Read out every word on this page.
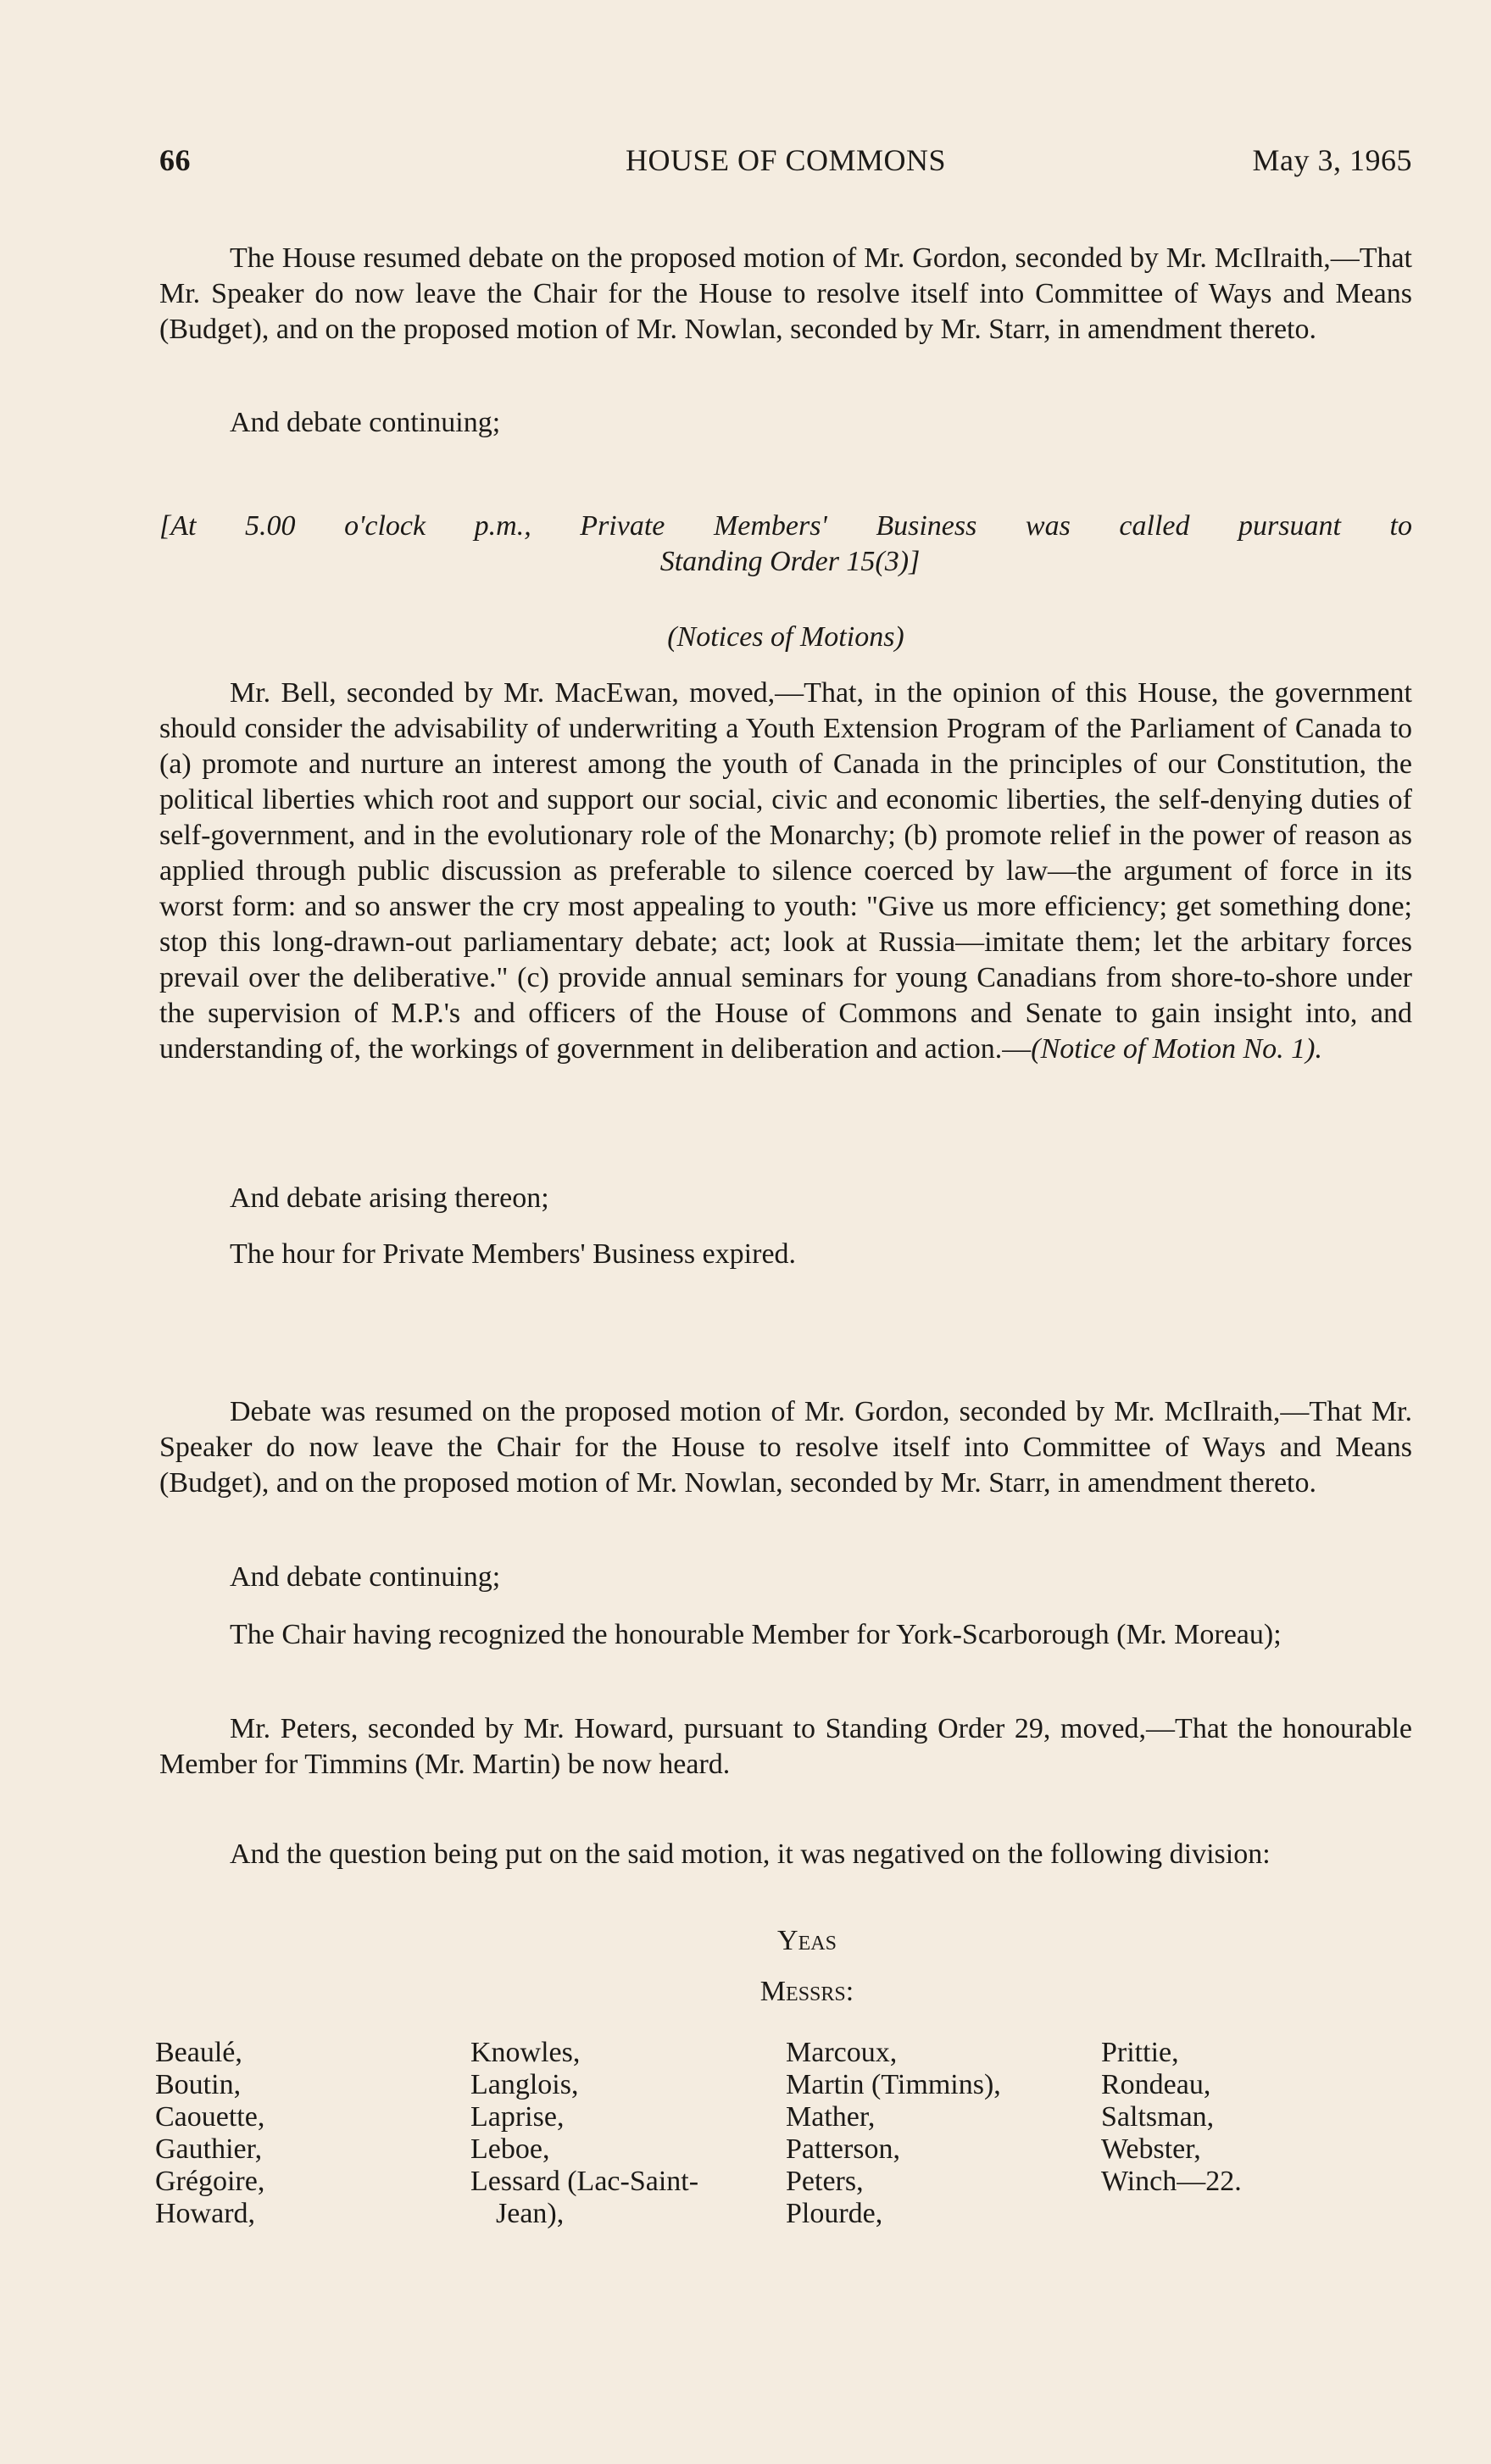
66	HOUSE OF COMMONS	May 3, 1965

The House resumed debate on the proposed motion of Mr. Gordon, seconded by Mr. McIlraith,—That Mr. Speaker do now leave the Chair for the House to resolve itself into Committee of Ways and Means (Budget), and on the proposed motion of Mr. Nowlan, seconded by Mr. Starr, in amendment thereto.

And debate continuing;

[At 5.00 o'clock p.m., Private Members' Business was called pursuant to

Standing Order 15(3)]

(Notices of Motions)

Mr. Bell, seconded by Mr. MacEwan, moved,—That, in the opinion of this House, the government should consider the advisability of underwriting a Youth Extension Program of the Parliament of Canada to (a) promote and nurture an interest among the youth of Canada in the principles of our Constitution, the political liberties which root and support our social, civic and economic liberties, the self-denying duties of self-government, and in the evolutionary role of the Monarchy; (b) promote relief in the power of reason as applied through public discussion as preferable to silence coerced by law—the argument of force in its worst form: and so answer the cry most appealing to youth: "Give us more efficiency; get something done; stop this long-drawn-out parliamentary debate; act; look at Russia—imitate them; let the arbitary forces prevail over the deliberative." (c) provide annual seminars for young Canadians from shore-to-shore under the supervision of M.P.'s and officers of the House of Commons and Senate to gain insight into, and understanding of, the workings of government in deliberation and action.—(Notice of Motion No. 1).

And debate arising thereon;

The hour for Private Members' Business expired.

Debate was resumed on the proposed motion of Mr. Gordon, seconded by Mr. McIlraith,—That Mr. Speaker do now leave the Chair for the House to resolve itself into Committee of Ways and Means (Budget), and on the proposed motion of Mr. Nowlan, seconded by Mr. Starr, in amendment thereto.

And debate continuing;

The Chair having recognized the honourable Member for York-Scarborough (Mr. Moreau);

Mr. Peters, seconded by Mr. Howard, pursuant to Standing Order 29, moved,—That the honourable Member for Timmins (Mr. Martin) be now heard.

And the question being put on the said motion, it was negatived on the following division:

Yeas

Messrs:

Beaulé,
Boutin,
Caouette,
Gauthier,
Grégoire,
Howard,
Knowles,
Langlois,
Laprise,
Leboe,
Lessard (Lac-Saint-
Jean),
Marcoux,
Martin (Timmins),
Mather,
Patterson,
Peters,
Plourde,
Prittie,
Rondeau,
Saltsman,
Webster,
Winch—22.
